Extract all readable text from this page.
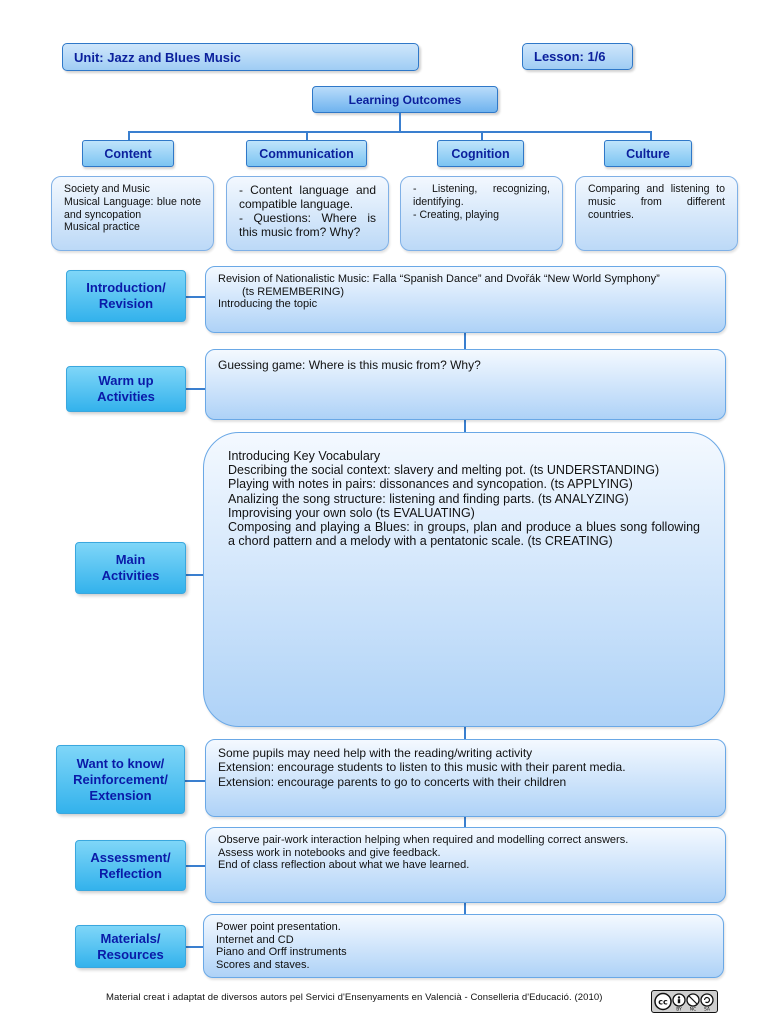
Unit: Jazz and Blues Music	Lesson: 1/6
Learning Outcomes
Content	Communication	Cognition	Culture
Society and Music
Musical Language: blue note and syncopation
Musical practice
- Content language and compatible language.
- Questions: Where is this music from? Why?
- Listening, recognizing, identifying.
- Creating, playing
Comparing and listening to music from different countries.
Introduction/
Revision
Revision of Nationalistic Music: Falla “Spanish Dance” and Dvořák “New World Symphony”
(ts REMEMBERING)
Introducing the topic
Warm up
Activities
Guessing game: Where is this music from? Why?
Main
Activities
Introducing Key Vocabulary
Describing the social context: slavery and melting pot. (ts UNDERSTANDING)
Playing with notes in pairs: dissonances and syncopation. (ts APPLYING)
Analizing the song structure: listening and finding parts. (ts ANALYZING)
Improvising your own solo (ts EVALUATING)
Composing and playing a Blues: in groups, plan and produce a blues song following a chord pattern and a melody with a pentatonic scale. (ts CREATING)
Want to know/
Reinforcement/
Extension
Some pupils may need help with the reading/writing activity
Extension: encourage students to listen to this music with their parent media.
Extension: encourage parents to go to concerts with their children
Assessment/
Reflection
Observe pair-work interaction helping when required and modelling correct answers.
Assess work in notebooks and give feedback.
End of class reflection about what we have learned.
Materials/
Resources
Power point presentation.
Internet and CD
Piano and Orff instruments
Scores and staves.
Material creat i adaptat de diversos autors pel Servici d'Ensenyaments en Valencià - Conselleria d'Educació. (2010)	cc
BY NC SA
